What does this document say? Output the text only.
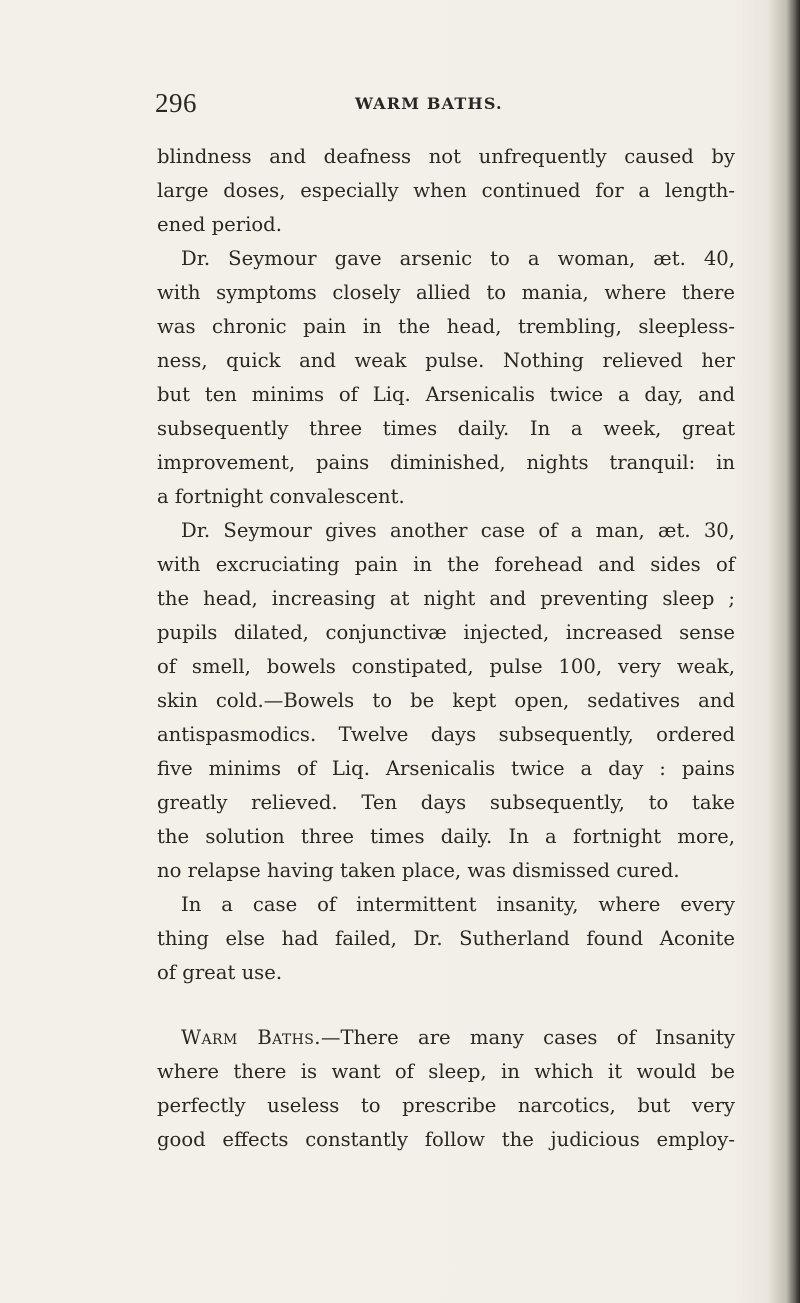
296	WARM BATHS.
blindness and deafness not unfrequently caused by
large doses, especially when continued for a length-
ened period.
Dr. Seymour gave arsenic to a woman, æt. 40,
with symptoms closely allied to mania, where there
was chronic pain in the head, trembling, sleepless-
ness, quick and weak pulse. Nothing relieved her
but ten minims of Liq. Arsenicalis twice a day, and
subsequently three times daily. In a week, great
improvement, pains diminished, nights tranquil: in
a fortnight convalescent.
Dr. Seymour gives another case of a man, æt. 30,
with excruciating pain in the forehead and sides of
the head, increasing at night and preventing sleep ;
pupils dilated, conjunctivæ injected, increased sense
of smell, bowels constipated, pulse 100, very weak,
skin cold.—Bowels to be kept open, sedatives and
antispasmodics. Twelve days subsequently, ordered
five minims of Liq. Arsenicalis twice a day : pains
greatly relieved. Ten days subsequently, to take
the solution three times daily. In a fortnight more,
no relapse having taken place, was dismissed cured.
In a case of intermittent insanity, where every
thing else had failed, Dr. Sutherland found Aconite
of great use.
Warm Baths.—There are many cases of Insanity
where there is want of sleep, in which it would be
perfectly useless to prescribe narcotics, but very
good effects constantly follow the judicious employ-
